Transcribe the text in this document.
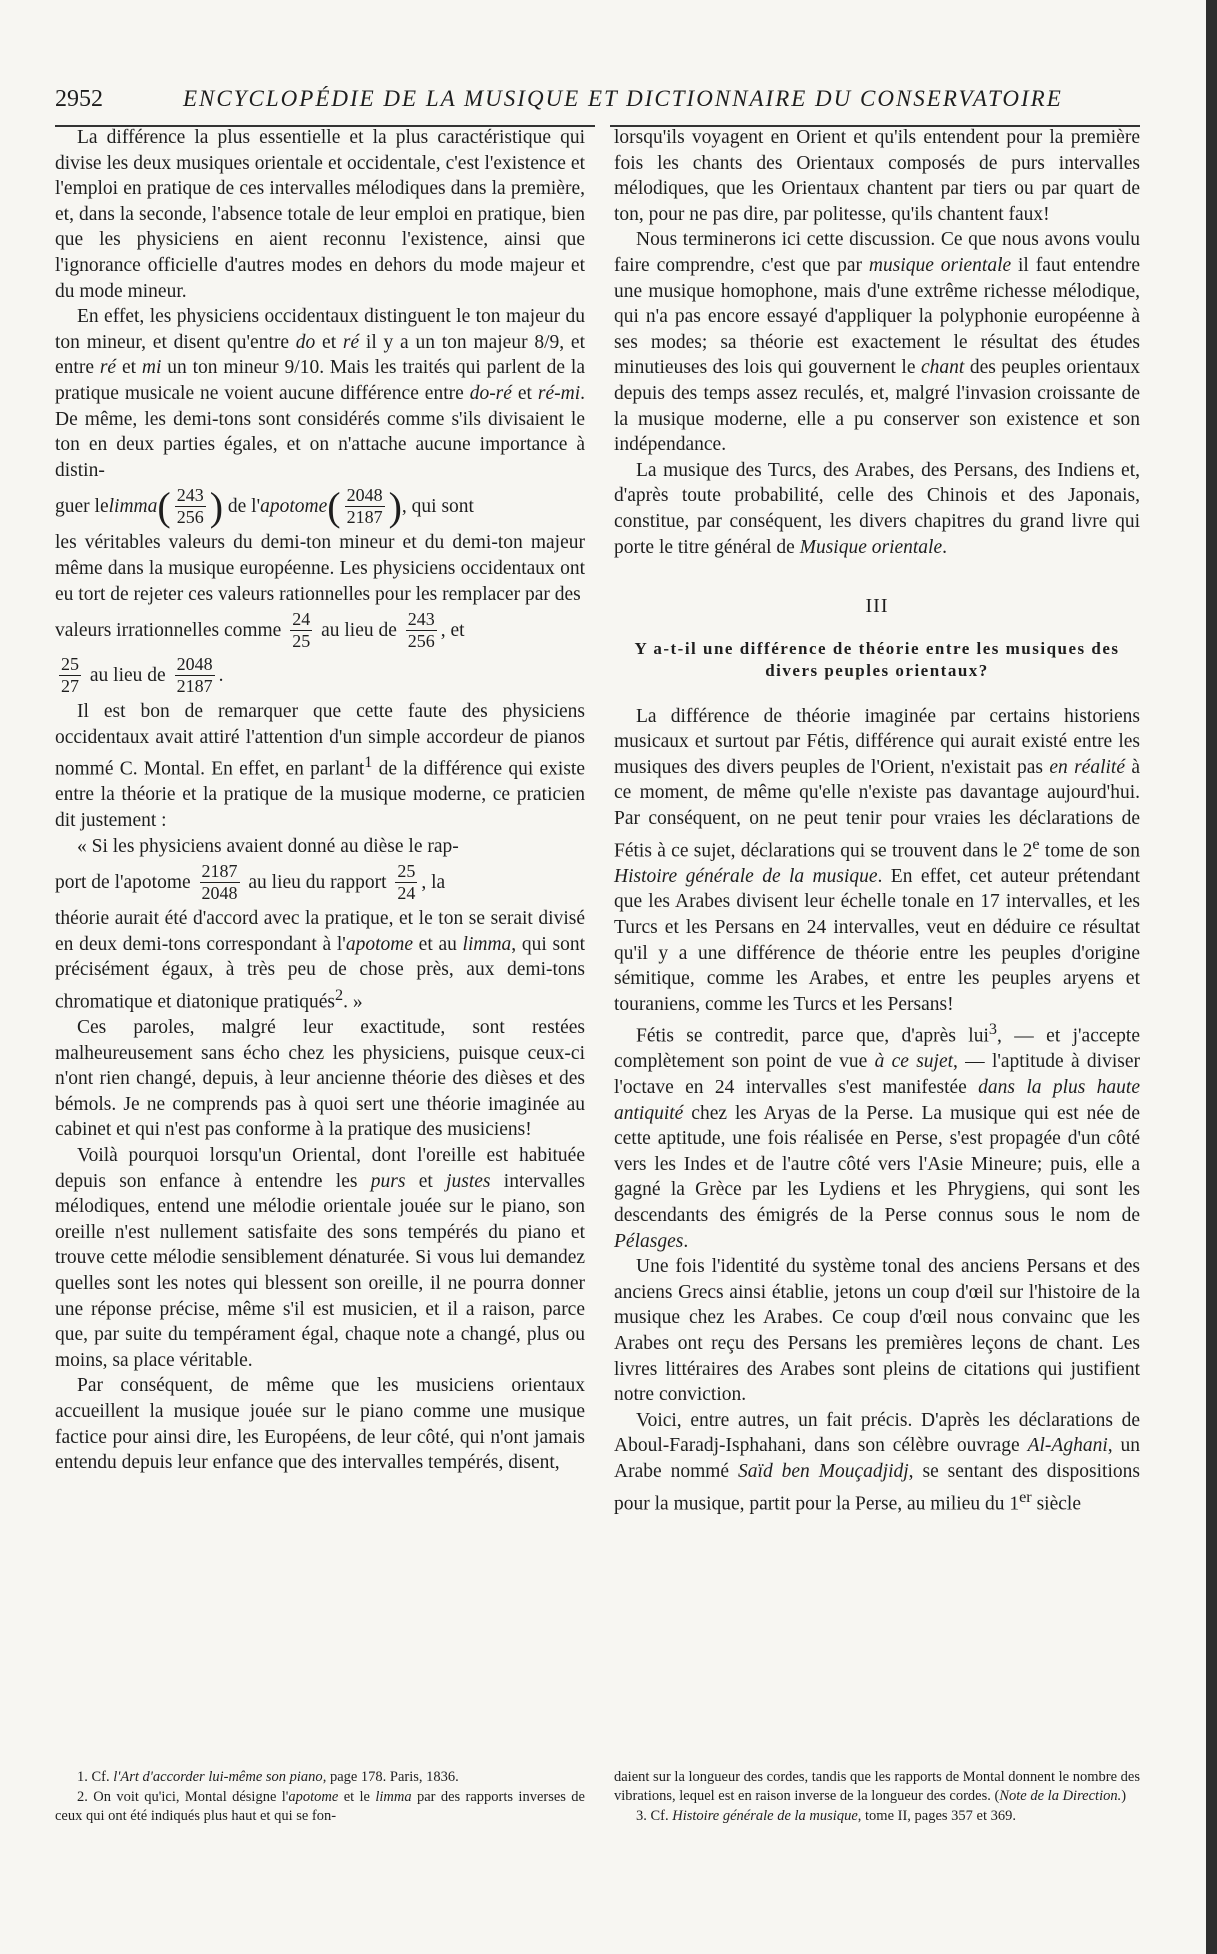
2952	ENCYCLOPÉDIE DE LA MUSIQUE ET DICTIONNAIRE DU CONSERVATOIRE

La différence la plus essentielle et la plus caractéristique qui divise les deux musiques orientale et occidentale, c'est l'existence et l'emploi en pratique de ces intervalles mélodiques dans la première, et, dans la seconde, l'absence totale de leur emploi en pratique, bien que les physiciens en aient reconnu l'existence, ainsi que l'ignorance officielle d'autres modes en dehors du mode majeur et du mode mineur.

En effet, les physiciens occidentaux distinguent le ton majeur du ton mineur, et disent qu'entre do et ré il y a un ton majeur 8/9, et entre ré et mi un ton mineur 9/10. Mais les traités qui parlent de la pratique musicale ne voient aucune différence entre do-ré et ré-mi. De même, les demi-tons sont considérés comme s'ils divisaient le ton en deux parties égales, et on n'attache aucune importance à distin-

guer le limma ( $\frac{243}{256}$ ) de l' apotome ( $\frac{2048}{2187}$ ) , qui sont

les véritables valeurs du demi-ton mineur et du demi-ton majeur même dans la musique européenne. Les physiciens occidentaux ont eu tort de rejeter ces valeurs rationnelles pour les remplacer par des

valeurs irrationnelles comme $\frac{24}{25}$ au lieu de $\frac{243}{256}$ , et
$\frac{25}{27}$ au lieu de $\frac{2048}{2187}$ .

Il est bon de remarquer que cette faute des physiciens occidentaux avait attiré l'attention d'un simple accordeur de pianos nommé C. Montal. En effet, en parlant$^1$ de la différence qui existe entre la théorie et la pratique de la musique moderne, ce praticien dit justement :

« Si les physiciens avaient donné au dièse le rap-

port de l'apotome $\frac{2187}{2048}$ au lieu du rapport $\frac{25}{24}$ , la

théorie aurait été d'accord avec la pratique, et le ton se serait divisé en deux demi-tons correspondant à l'apotome et au limma, qui sont précisément égaux, à très peu de chose près, aux demi-tons chromatique et diatonique pratiqués$^2$. »

Ces paroles, malgré leur exactitude, sont restées malheureusement sans écho chez les physiciens, puisque ceux-ci n'ont rien changé, depuis, à leur ancienne théorie des dièses et des bémols. Je ne comprends pas à quoi sert une théorie imaginée au cabinet et qui n'est pas conforme à la pratique des musiciens!

Voilà pourquoi lorsqu'un Oriental, dont l'oreille est habituée depuis son enfance à entendre les purs et justes intervalles mélodiques, entend une mélodie orientale jouée sur le piano, son oreille n'est nullement satisfaite des sons tempérés du piano et trouve cette mélodie sensiblement dénaturée. Si vous lui demandez quelles sont les notes qui blessent son oreille, il ne pourra donner une réponse précise, même s'il est musicien, et il a raison, parce que, par suite du tempérament égal, chaque note a changé, plus ou moins, sa place véritable.

Par conséquent, de même que les musiciens orientaux accueillent la musique jouée sur le piano comme une musique factice pour ainsi dire, les Européens, de leur côté, qui n'ont jamais entendu depuis leur enfance que des intervalles tempérés, disent,

lorsqu'ils voyagent en Orient et qu'ils entendent pour la première fois les chants des Orientaux composés de purs intervalles mélodiques, que les Orientaux chantent par tiers ou par quart de ton, pour ne pas dire, par politesse, qu'ils chantent faux!

Nous terminerons ici cette discussion. Ce que nous avons voulu faire comprendre, c'est que par musique orientale il faut entendre une musique homophone, mais d'une extrême richesse mélodique, qui n'a pas encore essayé d'appliquer la polyphonie européenne à ses modes; sa théorie est exactement le résultat des études minutieuses des lois qui gouvernent le chant des peuples orientaux depuis des temps assez reculés, et, malgré l'invasion croissante de la musique moderne, elle a pu conserver son existence et son indépendance.

La musique des Turcs, des Arabes, des Persans, des Indiens et, d'après toute probabilité, celle des Chinois et des Japonais, constitue, par conséquent, les divers chapitres du grand livre qui porte le titre général de Musique orientale.

III
Y a-t-il une différence de théorie entre les musiques des divers peuples orientaux?

La différence de théorie imaginée par certains historiens musicaux et surtout par Fétis, différence qui aurait existé entre les musiques des divers peuples de l'Orient, n'existait pas en réalité à ce moment, de même qu'elle n'existe pas davantage aujourd'hui. Par conséquent, on ne peut tenir pour vraies les déclarations de Fétis à ce sujet, déclarations qui se trouvent dans le 2e tome de son Histoire générale de la musique. En effet, cet auteur prétendant que les Arabes divisent leur échelle tonale en 17 intervalles, et les Turcs et les Persans en 24 intervalles, veut en déduire ce résultat qu'il y a une différence de théorie entre les peuples d'origine sémitique, comme les Arabes, et entre les peuples aryens et touraniens, comme les Turcs et les Persans!

Fétis se contredit, parce que, d'après lui$^3$, — et j'accepte complètement son point de vue à ce sujet, — l'aptitude à diviser l'octave en 24 intervalles s'est manifestée dans la plus haute antiquité chez les Aryas de la Perse. La musique qui est née de cette aptitude, une fois réalisée en Perse, s'est propagée d'un côté vers les Indes et de l'autre côté vers l'Asie Mineure; puis, elle a gagné la Grèce par les Lydiens et les Phrygiens, qui sont les descendants des émigrés de la Perse connus sous le nom de Pélasges.

Une fois l'identité du système tonal des anciens Persans et des anciens Grecs ainsi établie, jetons un coup d'œil sur l'histoire de la musique chez les Arabes. Ce coup d'œil nous convainc que les Arabes ont reçu des Persans les premières leçons de chant. Les livres littéraires des Arabes sont pleins de citations qui justifient notre conviction.

Voici, entre autres, un fait précis. D'après les déclarations de Aboul-Faradj-Isphahani, dans son célèbre ouvrage Al-Aghani, un Arabe nommé Saïd ben Mouçadjidj, se sentant des dispositions pour la musique, partit pour la Perse, au milieu du 1er siècle

1. Cf. l'Art d'accorder lui-même son piano, page 178. Paris, 1836.

2. On voit qu'ici, Montal désigne l'apotome et le limma par des rapports inverses de ceux qui ont été indiqués plus haut et qui se fon-

daient sur la longueur des cordes, tandis que les rapports de Montal donnent le nombre des vibrations, lequel est en raison inverse de la longueur des cordes. (Note de la Direction.)

3. Cf. Histoire générale de la musique, tome II, pages 357 et 369.
